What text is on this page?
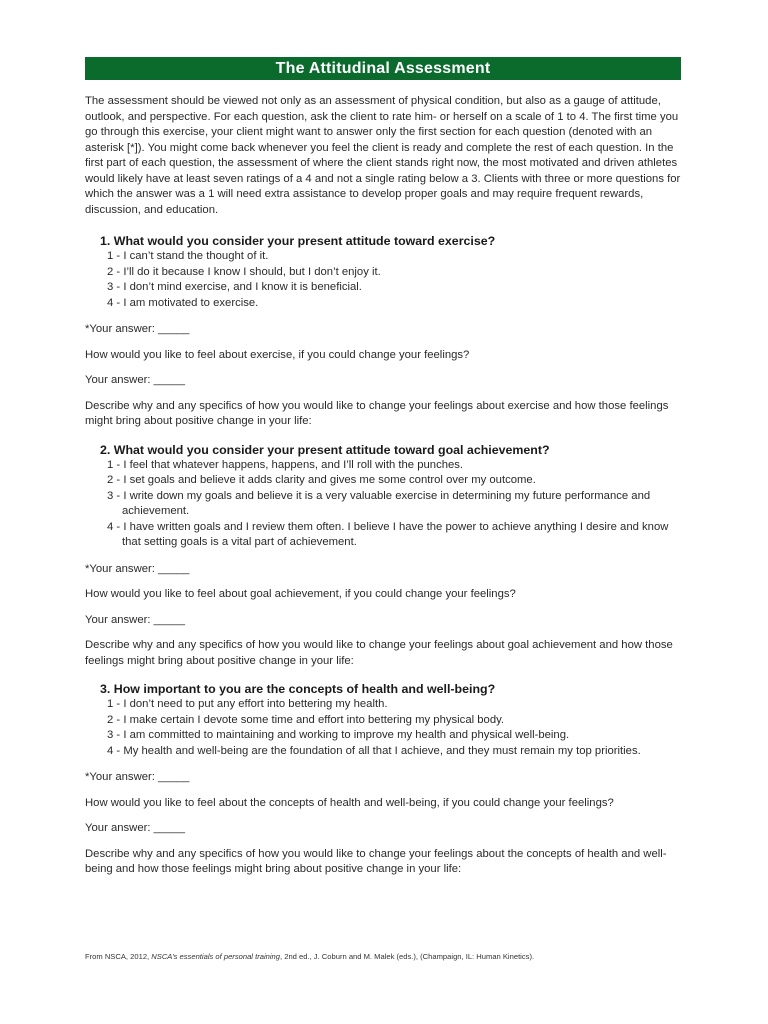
The Attitudinal Assessment
The assessment should be viewed not only as an assessment of physical condition, but also as a gauge of attitude, outlook, and perspective. For each question, ask the client to rate him- or herself on a scale of 1 to 4. The first time you go through this exercise, your client might want to answer only the first section for each question (denoted with an asterisk [*]). You might come back whenever you feel the client is ready and complete the rest of each question. In the first part of each question, the assessment of where the client stands right now, the most motivated and driven athletes would likely have at least seven ratings of a 4 and not a single rating below a 3. Clients with three or more questions for which the answer was a 1 will need extra assistance to develop proper goals and may require frequent rewards, discussion, and education.
1. What would you consider your present attitude toward exercise?
1 - I can’t stand the thought of it.
2 - I’ll do it because I know I should, but I don’t enjoy it.
3 - I don’t mind exercise, and I know it is beneficial.
4 - I am motivated to exercise.
*Your answer: _____
How would you like to feel about exercise, if you could change your feelings?
Your answer: _____
Describe why and any specifics of how you would like to change your feelings about exercise and how those feelings might bring about positive change in your life:
2. What would you consider your present attitude toward goal achievement?
1 - I feel that whatever happens, happens, and I’ll roll with the punches.
2 - I set goals and believe it adds clarity and gives me some control over my outcome.
3 - I write down my goals and believe it is a very valuable exercise in determining my future performance and achievement.
4 - I have written goals and I review them often. I believe I have the power to achieve anything I desire and know that setting goals is a vital part of achievement.
*Your answer: _____
How would you like to feel about goal achievement, if you could change your feelings?
Your answer: _____
Describe why and any specifics of how you would like to change your feelings about goal achievement and how those feelings might bring about positive change in your life:
3. How important to you are the concepts of health and well-being?
1 - I don’t need to put any effort into bettering my health.
2 - I make certain I devote some time and effort into bettering my physical body.
3 - I am committed to maintaining and working to improve my health and physical well-being.
4 - My health and well-being are the foundation of all that I achieve, and they must remain my top priorities.
*Your answer: _____
How would you like to feel about the concepts of health and well-being, if you could change your feelings?
Your answer: _____
Describe why and any specifics of how you would like to change your feelings about the concepts of health and well-being and how those feelings might bring about positive change in your life:
From NSCA, 2012, NSCA’s essentials of personal training, 2nd ed., J. Coburn and M. Malek (eds.), (Champaign, IL: Human Kinetics).
